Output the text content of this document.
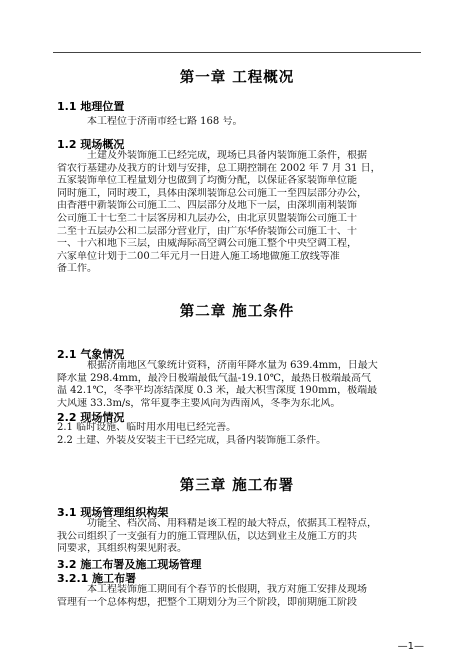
第一章 工程概况
1.1 地理位置
本工程位于济南市经七路 168 号。
1.2 现场概况
土建及外装饰施工已经完成，现场已具备内装饰施工条件，根据
省农行基建办及我方的计划与安排，总工期控制在 2002 年 7 月 31 日，
五家装饰单位工程量划分也做到了均衡分配，以保证各家装饰单位能
同时施工，同时竣工，具体由深圳装饰总公司施工一至四层部分办公，
由香港中新装饰公司施工二、四层部分及地下一层，由深圳南利装饰
公司施工十七至二十层客房和九层办公，由北京贝盟装饰公司施工十
二至十五层办公和二层部分营业厅，由广东华侨装饰公司施工十、十
一、十六和地下三层，由威海际高空调公司施工整个中央空调工程，
六家单位计划于二00二年元月一日进入施工场地做施工放线等准
备工作。
第二章 施工条件
2.1 气象情况
根据济南地区气象统计资料，济南年降水量为 639.4mm，日最大
降水量 298.4mm，最冷日极端最低气温-19.10℃，最热日极端最高气
温 42.1℃，冬季平均冻结深度 0.3 米，最大积雪深度 190mm，极端最
大风速 33.3m/s，常年夏季主要风向为西南风，冬季为东北风。
2.2 现场情况
2.1 临时设施、临时用水用电已经完善。
2.2 土建、外装及安装主干已经完成，具备内装饰施工条件。
第三章 施工布署
3.1 现场管理组织构架
功能全、档次高、用料精是该工程的最大特点，依据其工程特点，
我公司组织了一支强有力的施工管理队伍，以达到业主及施工方的共
同要求，其组织构架见附表。
3.2 施工布署及施工现场管理
3.2.1 施工布署
本工程装饰施工期间有个春节的长假期，我方对施工安排及现场
管理有一个总体构想，把整个工期划分为三个阶段，即前期施工阶段
—1—
